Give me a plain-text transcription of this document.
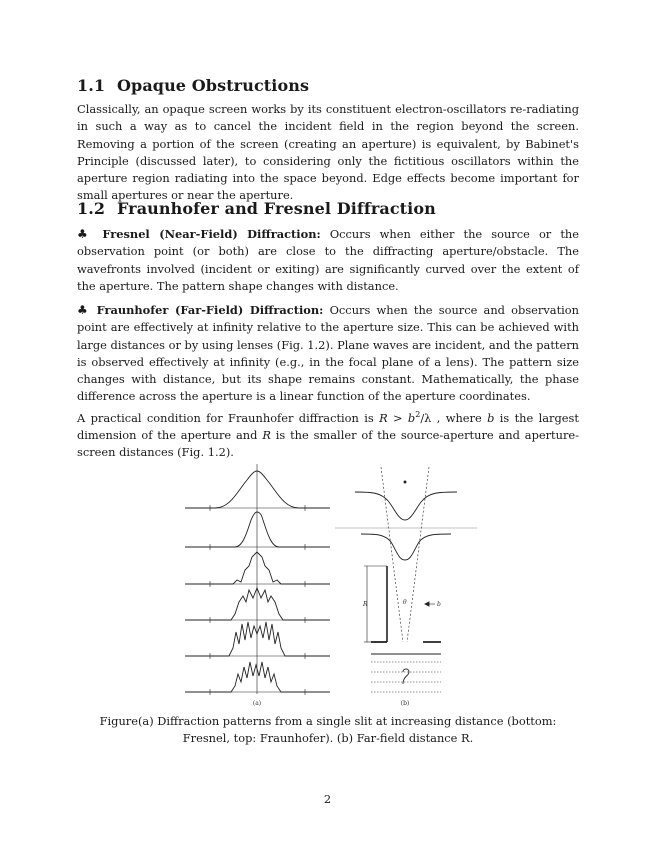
1.1 Opaque Obstructions
Classically, an opaque screen works by its constituent electron-oscillators re-radiating in such a way as to cancel the incident field in the region beyond the screen. Removing a portion of the screen (creating an aperture) is equivalent, by Babinet's Principle (discussed later), to considering only the fictitious oscillators within the aperture region radiating into the space beyond. Edge effects become important for small apertures or near the aperture.
1.2 Fraunhofer and Fresnel Diffraction
♣ Fresnel (Near-Field) Diffraction: Occurs when either the source or the observation point (or both) are close to the diffracting aperture/obstacle. The wavefronts involved (incident or exiting) are significantly curved over the extent of the aperture. The pattern shape changes with distance.
♣ Fraunhofer (Far-Field) Diffraction: Occurs when the source and observation point are effectively at infinity relative to the aperture size. This can be achieved with large distances or by using lenses (Fig. 1.2). Plane waves are incident, and the pattern is observed effectively at infinity (e.g., in the focal plane of a lens). The pattern size changes with distance, but its shape remains constant. Mathematically, the phase difference across the aperture is a linear function of the aperture coordinates.
A practical condition for Fraunhofer diffraction is $R > b^2/\lambda$ , where b is the largest dimension of the aperture and R is the smaller of the source-aperture and aperture-screen distances (Fig. 1.2).
(a)
R	θ	b
(b)
Figure(a) Diffraction patterns from a single slit at increasing distance (bottom: Fresnel, top: Fraunhofer). (b) Far-field distance R.
2
